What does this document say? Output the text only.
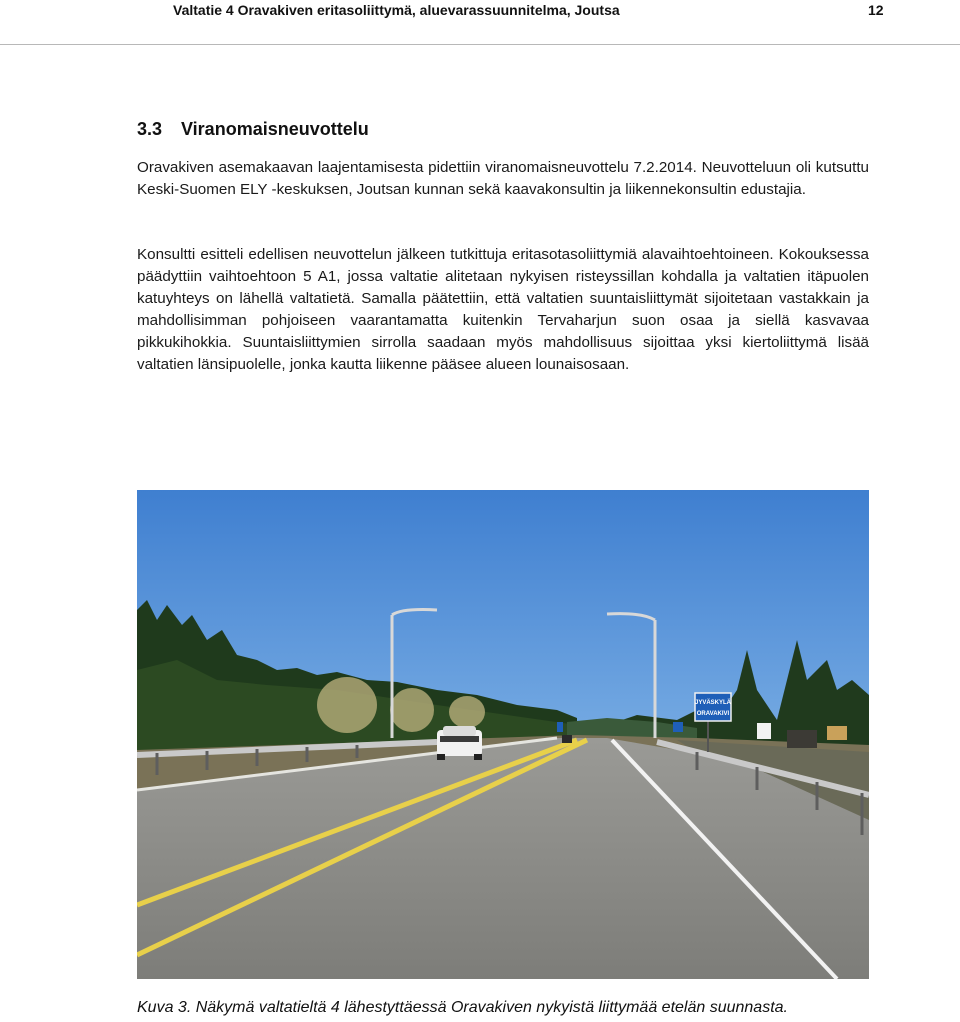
Valtatie 4 Oravakiven eritasoliittymä, aluevarassuunnitelma, Joutsa	12
3.3 Viranomaisneuvottelu
Oravakiven asemakaavan laajentamisesta pidettiin viranomaisneuvottelu 7.2.2014. Neuvotteluun oli kutsuttu Keski-Suomen ELY -keskuksen, Joutsan kunnan sekä kaavakonsultin ja liikennekonsultin edustajia.
Konsultti esitteli edellisen neuvottelun jälkeen tutkittuja eritasotasoliittymiä alavaihtoehtoineen. Kokouksessa päädyttiin vaihtoehtoon 5 A1, jossa valtatie alitetaan nykyisen risteyssillan kohdalla ja valtatien itäpuolen katuyhteys on lähellä valtatietä. Samalla päätettiin, että valtatien suuntaisliittymät sijoitetaan vastakkain ja mahdollisimman pohjoiseen vaarantamatta kuitenkin Tervaharjun suon osaa ja siellä kasvavaa pikkukihokkia. Suuntaisliittymien sirrolla saadaan myös mahdollisuus sijoittaa yksi kiertoliittymä lisää valtatien länsipuolelle, jonka kautta liikenne pääsee alueen lounaisosaan.
JYVÄSKYLÄ
ORAVAKIVI
Kuva 3. Näkymä valtatieltä 4 lähestyttäessä Oravakiven nykyistä liittymää etelän suunnasta.
